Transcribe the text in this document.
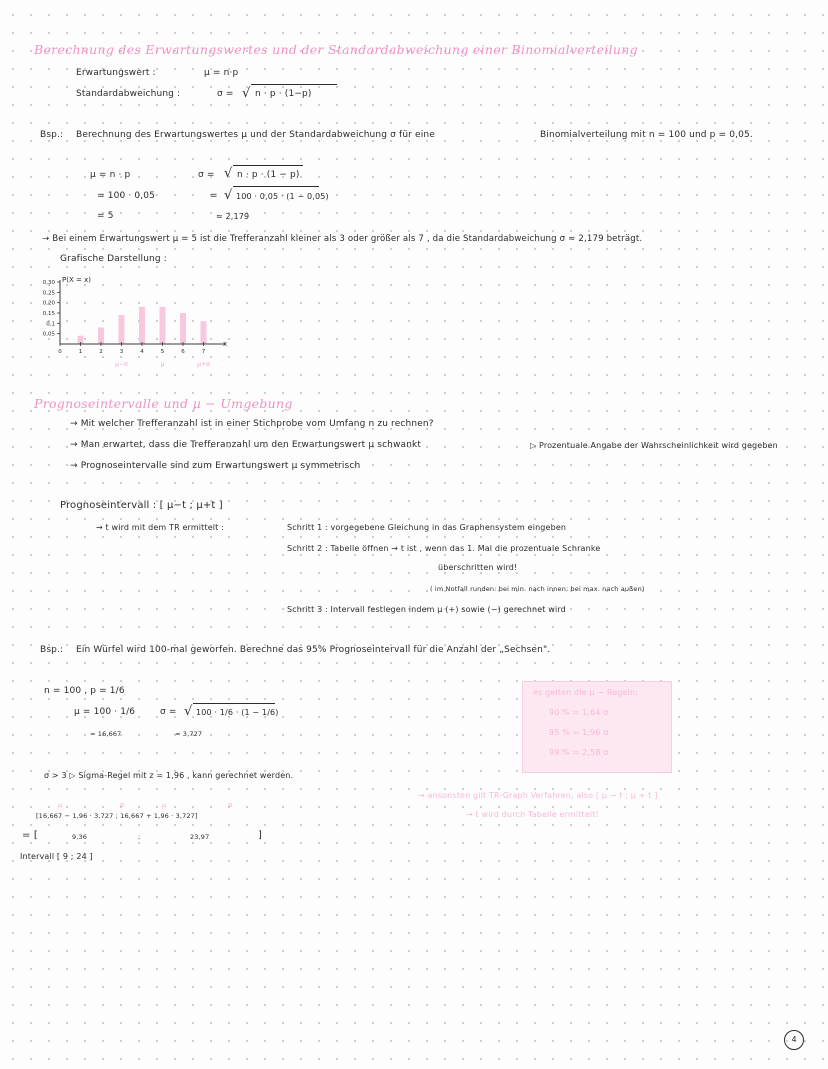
Berechnung des Erwartungswertes und der Standardabweichung einer Binomialverteilung
Erwartungswert :	μ = n·p
Standardabweichung :	σ = √ n · p · (1−p)
Bsp.: Berechnung des Erwartungswertes μ und der Standardabweichung σ für eine	Binomialverteilung mit n = 100 und p = 0,05.
μ = n · p
= 100 · 0,05
= 5
σ = √ n · p · (1 − p)
= √ 100 · 0,05 · (1 − 0,05)
≈ 2,179
→ Bei einem Erwartungswert μ = 5 ist die Trefferanzahl kleiner als 3 oder größer als 7 , da die Standardabweichung σ ≈ 2,179 beträgt.
Grafische Darstellung :
0,30
0,25
0,20
0,15
0,1
0,05
0	1	2	3	4	5	6	7
μ−σ	μ	μ+σ
P(X = x)
x
Prognoseintervalle und μ − Umgebung
→ Mit welcher Trefferanzahl ist in einer Stichprobe vom Umfang n zu rechnen?
→ Man erwartet, dass die Trefferanzahl um den Erwartungswert μ schwankt	▷ Prozentuale Angabe der Wahrscheinlichkeit wird gegeben
→ Prognoseintervalle sind zum Erwartungswert μ symmetrisch
Prognoseintervall : [ μ−t ; μ+t ]
→ t wird mit dem TR ermittelt :	Schritt 1 : vorgegebene Gleichung in das Graphensystem eingeben
Schritt 2 : Tabelle öffnen → t ist , wenn das 1. Mal die prozentuale Schranke
überschritten wird!
( im Notfall runden: bei min. nach innen; bei max. nach außen)
Schritt 3 : Intervall festlegen indem μ (+) sowie (−) gerechnet wird
Bsp.: Ein Würfel wird 100-mal geworfen. Berechne das 95% Prognoseintervall für die Anzahl der „Sechsen".
n = 100 , p = 1/6
μ = 100 · 1/6
≈ 16,667
σ = √ 100 · 1/6 · (1 − 1/6)
≈ 3,727
σ > 3 ▷ Sigma-Regel mit z = 1,96 , kann gerechnet werden.
μ	σ	μ	σ
[16,667 − 1,96 · 3,727 ; 16,667 + 1,96 · 3,727]
= [	9,36	;	23,97	]
Intervall [ 9 ; 24 ]
es gelten die μ − Regeln:
90 % = 1,64 σ
95 % = 1,96 σ
99 % = 2,58 σ
→ ansonsten gilt TR-Graph Verfahren, also [ μ − t ; μ + t ]
→ t wird durch Tabelle ermittelt!
4
